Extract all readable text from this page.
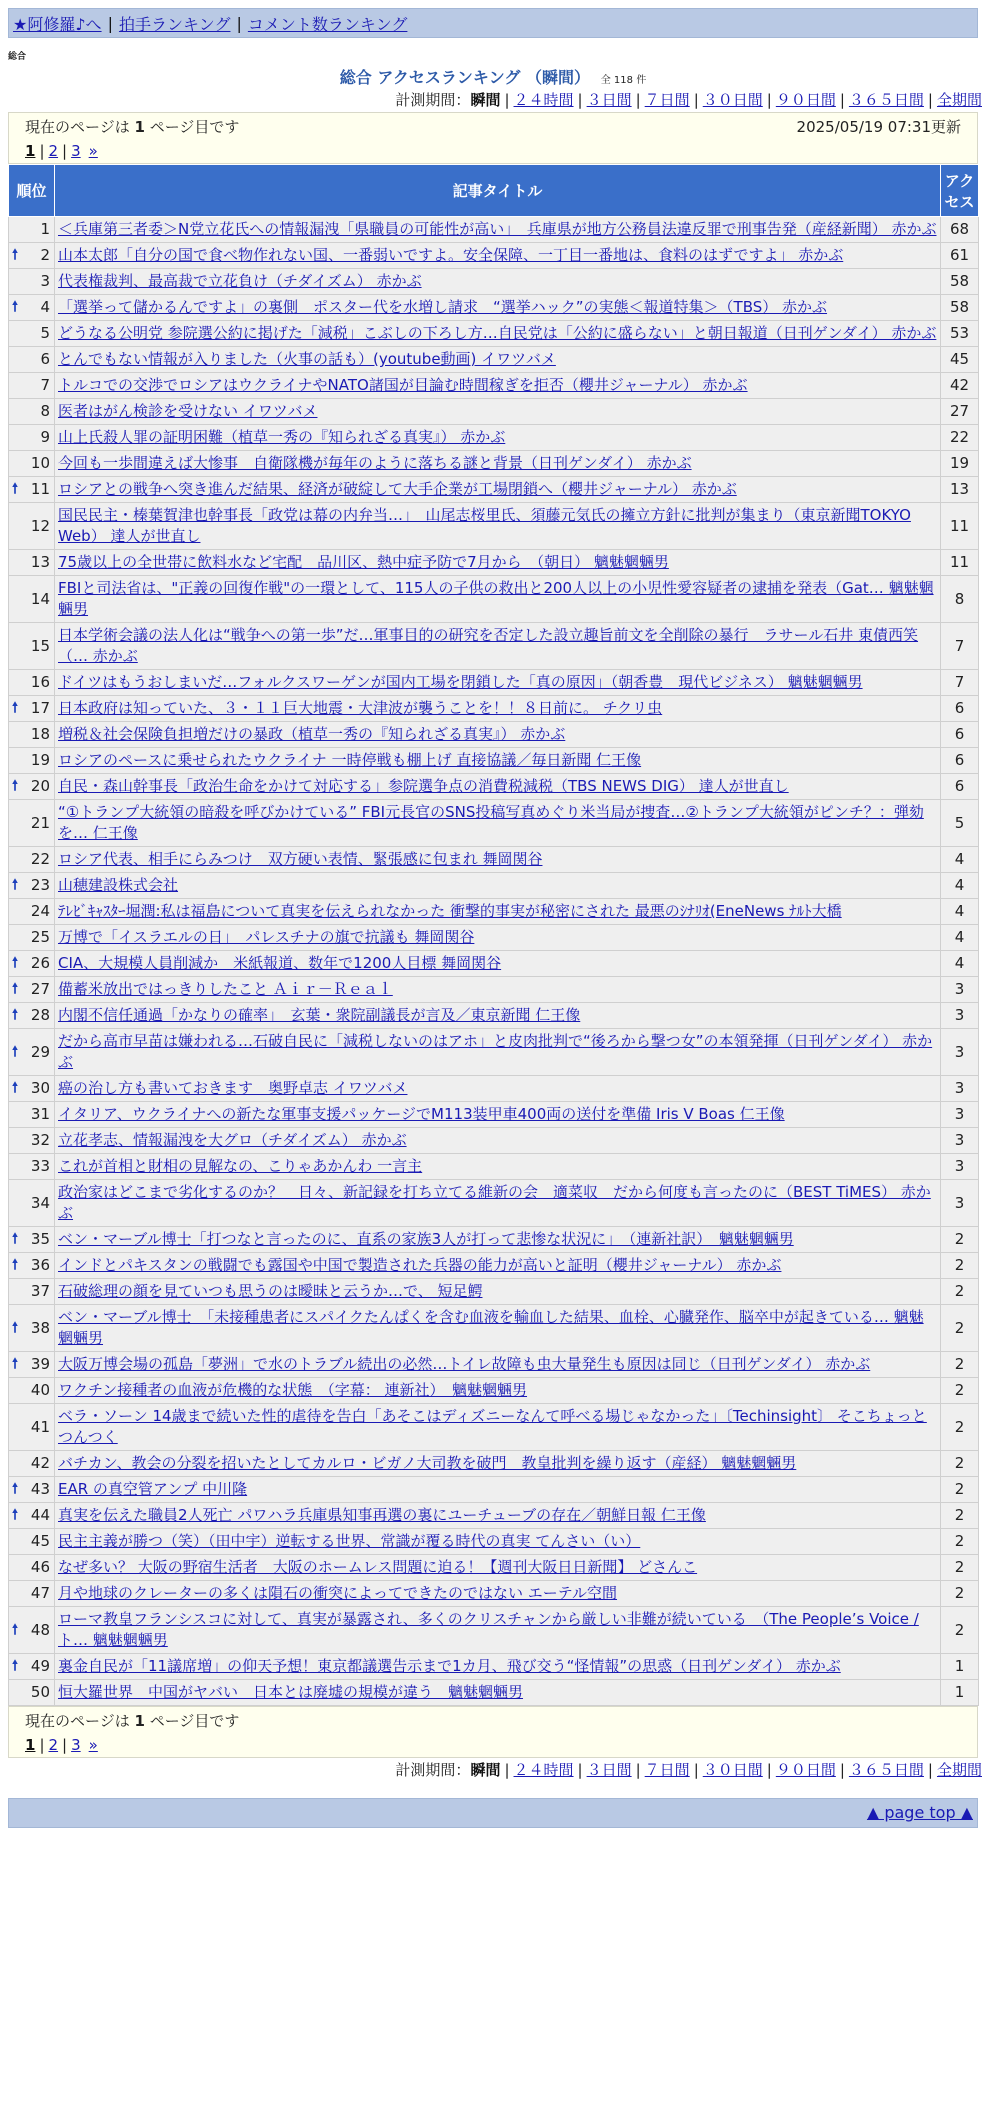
★阿修羅♪へ | 拍手ランキング | コメント数ランキング
総合
総合 アクセスランキング （瞬間） 全 118 件
計測期間：瞬間 | ２４時間 | ３日間 | ７日間 | ３０日間 | ９０日間 | ３６５日間 | 全期間
現在のページは 1 ページ目です	2025/05/19 07:31更新
1 | 2 | 3 »
順位	記事タイトル	アクセス
1	＜兵庫第三者委＞N党立花氏への情報漏洩「県職員の可能性が高い」　兵庫県が地方公務員法違反罪で刑事告発（産経新聞） 赤かぶ	68

🠕 2	山本太郎「自分の国で食べ物作れない国、一番弱いですよ。安全保障、一丁目一番地は、食料のはずですよ」 赤かぶ	61
3	代表権裁判、最高裁で立花負け（チダイズム） 赤かぶ	58

🠕 4	「選挙って儲かるんですよ」の裏側　ポスター代を水増し請求　“選挙ハック”の実態＜報道特集＞（TBS） 赤かぶ	58
5	どうなる公明党 参院選公約に掲げた「減税」こぶしの下ろし方…自民党は「公約に盛らない」と朝日報道（日刊ゲンダイ） 赤かぶ	53
6	とんでもない情報が入りました（火事の話も）(youtube動画) イワツバメ	45
7	トルコでの交渉でロシアはウクライナやNATO諸国が目論む時間稼ぎを拒否（櫻井ジャーナル） 赤かぶ	42
8	医者はがん検診を受けない イワツバメ	27
9	山上氏殺人罪の証明困難（植草一秀の『知られざる真実』） 赤かぶ	22
10	今回も一歩間違えば大惨事　自衛隊機が毎年のように落ちる謎と背景（日刊ゲンダイ） 赤かぶ	19

🠕 11	ロシアとの戦争へ突き進んだ結果、経済が破綻して大手企業が工場閉鎖へ（櫻井ジャーナル） 赤かぶ	13
12	国民民主・榛葉賀津也幹事長「政党は幕の内弁当…」　山尾志桜里氏、須藤元気氏の擁立方針に批判が集まり（東京新聞TOKYO Web） 達人が世直し	11
13	75歳以上の全世帯に飲料水など宅配　品川区、熱中症予防で7月から　（朝日） 魑魅魍魎男	11
14	FBIと司法省は、"正義の回復作戦"の一環として、115人の子供の救出と200人以上の小児性愛容疑者の逮捕を発表（Gat… 魑魅魍魎男	8
15	日本学術会議の法人化は“戦争への第一歩”だ…軍事目的の研究を否定した設立趣旨前文を全削除の暴行　ラサール石井 東債西笑（… 赤かぶ	7
16	ドイツはもうおしまいだ…フォルクスワーゲンが国内工場を閉鎖した「真の原因」（朝香豊　現代ビジネス） 魑魅魍魎男	7

🠕 17	日本政府は知っていた、３・１１巨大地震・大津波が襲うことを！！８日前に。 チクリ虫	6
18	増税＆社会保険負担増だけの暴政（植草一秀の『知られざる真実』） 赤かぶ	6
19	ロシアのペースに乗せられたウクライナ 一時停戦も棚上げ 直接協議／毎日新聞 仁王像	6

🠕 20	自民・森山幹事長「政治生命をかけて対応する」参院選争点の消費税減税（TBS NEWS DIG） 達人が世直し	6
21	“①トランプ大統領の暗殺を呼びかけている” FBI元長官のSNS投稿写真めぐり米当局が捜査…②トランプ大統領がピンチ？：弾劾を… 仁王像	5
22	ロシア代表、相手にらみつけ　双方硬い表情、緊張感に包まれ 舞岡関谷	4

🠕 23	山穂建設株式会社	4
24	ﾃﾚﾋﾞｷｬｽﾀｰ堀潤:私は福島について真実を伝えられなかった 衝撃的事実が秘密にされた 最悪のｼﾅﾘｵ(EneNews ﾅﾙﾄ大橋	4
25	万博で「イスラエルの日」　パレスチナの旗で抗議も 舞岡関谷	4

🠕 26	CIA、大規模人員削減か　米紙報道、数年で1200人目標 舞岡関谷	4

🠕 27	備蓄米放出ではっきりしたこと Ａｉｒ－Ｒｅａｌ	3

🠕 28	内閣不信任通過「かなりの確率」　玄葉・衆院副議長が言及／東京新聞 仁王像	3

🠕 29	だから高市早苗は嫌われる…石破自民に「減税しないのはアホ」と皮肉批判で“後ろから撃つ女”の本領発揮（日刊ゲンダイ） 赤かぶ	3

🠕 30	癌の治し方も書いておきます　奥野卓志 イワツバメ	3
31	イタリア、ウクライナへの新たな軍事支援パッケージでM113装甲車400両の送付を準備 Iris V Boas 仁王像	3
32	立花孝志、情報漏洩を大グロ（チダイズム） 赤かぶ	3
33	これが首相と財相の見解なの、こりゃあかんわ 一言主	3
34	政治家はどこまで劣化するのか？　日々、新記録を打ち立てる維新の会　適菜収　だから何度も言ったのに（BEST TiMES） 赤かぶ	3

🠕 35	ベン・マーブル博士「打つなと言ったのに、直系の家族3人が打って悲惨な状況に」　（連新社訳）　魑魅魍魎男	2

🠕 36	インドとパキスタンの戦闘でも露国や中国で製造された兵器の能力が高いと証明（櫻井ジャーナル） 赤かぶ	2
37	石破総理の顔を見ていつも思うのは曖昧と云うか…で、 短足鰐	2

🠕 38	ベン・マーブル博士　「未接種患者にスパイクたんぱくを含む血液を輸血した結果、血栓、心臓発作、脳卒中が起きている… 魑魅魍魎男	2

🠕 39	大阪万博会場の孤島「夢洲」で水のトラブル続出の必然…トイレ故障も虫大量発生も原因は同じ（日刊ゲンダイ） 赤かぶ	2
40	ワクチン接種者の血液が危機的な状態　（字幕： 連新社）　魑魅魍魎男	2
41	ベラ・ソーン 14歳まで続いた性的虐待を告白「あそこはディズニーなんて呼べる場じゃなかった」〔Techinsight〕 そこちょっとつんつく	2
42	バチカン、教会の分裂を招いたとしてカルロ・ビガノ大司教を破門　教皇批判を繰り返す（産経） 魑魅魍魎男	2

🠕 43	EAR の真空管アンプ 中川隆	2

🠕 44	真実を伝えた職員2人死亡 パワハラ兵庫県知事再選の裏にユーチューブの存在／朝鮮日報 仁王像	2
45	民主主義が勝つ（笑）（田中宇）逆転する世界、常識が覆る時代の真実 てんさい（い）	2
46	なぜ多い？ 大阪の野宿生活者　大阪のホームレス問題に迫る！【週刊大阪日日新聞】 どさんこ	2
47	月や地球のクレーターの多くは隕石の衝突によってできたのではない エーテル空間	2

🠕 48	ローマ教皇フランシスコに対して、真実が暴露され、多くのクリスチャンから厳しい非難が続いている　（The People’s Voice / ト… 魑魅魍魎男	2

🠕 49	裏金自民が「11議席増」の仰天予想！東京都議選告示まで1カ月、飛び交う“怪情報”の思惑（日刊ゲンダイ） 赤かぶ	1
50	恒大羅世界　中国がヤバい　日本とは廃墟の規模が違う　魑魅魍魎男	1
現在のページは 1 ページ目です
1 | 2 | 3 »
計測期間：瞬間 | ２４時間 | ３日間 | ７日間 | ３０日間 | ９０日間 | ３６５日間 | 全期間
▲ page top ▲
